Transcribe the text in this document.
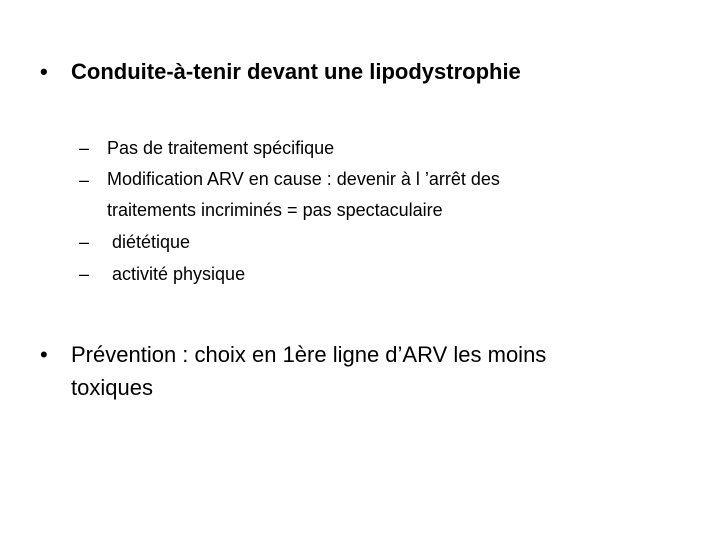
• Conduite-à-tenir devant une lipodystrophie
– Pas de traitement spécifique
– Modification ARV en cause : devenir à l ’arrêt des
traitements incriminés = pas spectaculaire
– diététique
– activité physique
• Prévention : choix en 1ère ligne d’ARV les moins
toxiques
